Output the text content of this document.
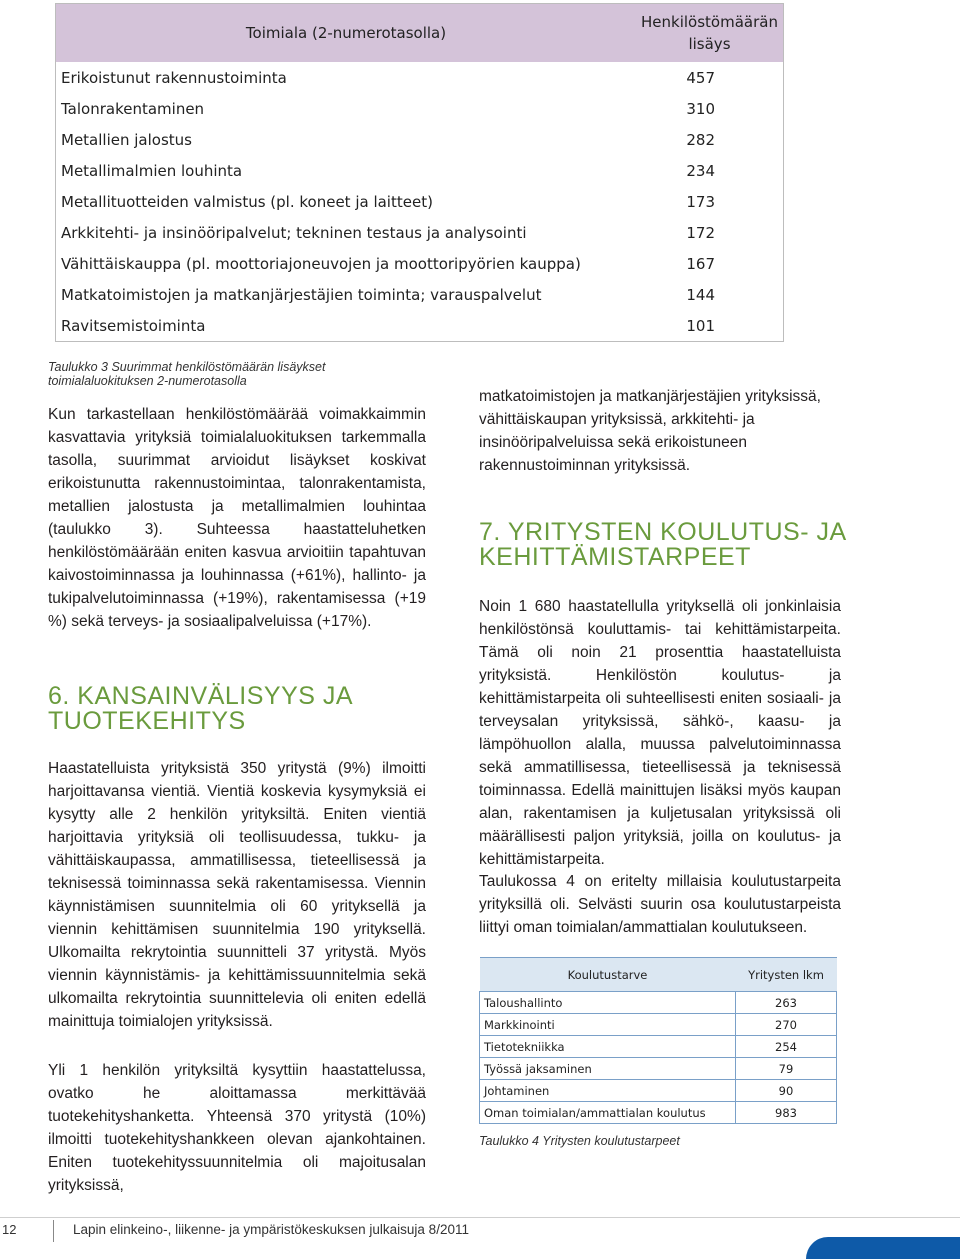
Toimiala (2-numerotasolla)	Henkilöstömäärän lisäys
Erikoistunut rakennustoiminta	457
Talonrakentaminen	310
Metallien jalostus	282
Metallimalmien louhinta	234
Metallituotteiden valmistus (pl. koneet ja laitteet)	173
Arkkitehti- ja insinööripalvelut; tekninen testaus ja analysointi	172
Vähittäiskauppa (pl. moottoriajoneuvojen ja moottoripyörien kauppa)	167
Matkatoimistojen ja matkanjärjestäjien toiminta; varauspalvelut	144
Ravitsemistoiminta	101
Taulukko 3 Suurimmat henkilöstömäärän lisäykset
toimialaluokituksen 2-numerotasolla

Kun tarkastellaan henkilöstömäärää voimakkaimmin kasvattavia yrityksiä toimialaluokituksen tarkemmalla tasolla, suurimmat arvioidut lisäykset koskivat erikoistunutta rakennustoimintaa, talonrakentamista, metallien jalostusta ja metallimalmien louhintaa (taulukko 3). Suhteessa haastatteluhetken henkilöstömäärään eniten kasvua arvioitiin tapahtuvan kaivostoiminnassa ja louhinnassa (+61%), hallinto- ja tukipalvelutoiminnassa (+19%), rakentamisessa (+19 %) sekä terveys- ja sosiaalipalveluissa (+17%).

6. KANSAINVÄLISYYS JA
TUOTEKEHITYS

Haastatelluista yrityksistä 350 yritystä (9%) ilmoitti harjoittavansa vientiä. Vientiä koskevia kysymyksiä ei kysytty alle 2 henkilön yrityksiltä. Eniten vientiä harjoittavia yrityksiä oli teollisuudessa, tukku- ja vähittäiskaupassa, ammatillisessa, tieteellisessä ja teknisessä toiminnassa sekä rakentamisessa. Viennin käynnistämisen suunnitelmia oli 60 yrityksellä ja viennin kehittämisen suunnitelmia 190 yrityksellä. Ulkomailta rekrytointia suunnitteli 37 yritystä. Myös viennin käynnistämis- ja kehittämissuunnitelmia sekä ulkomailta rekrytointia suunnittelevia oli eniten edellä mainittuja toimialojen yrityksissä.

Yli 1 henkilön yrityksiltä kysyttiin haastattelussa, ovatko he aloittamassa merkittävää tuotekehityshanketta. Yhteensä 370 yritystä (10%) ilmoitti tuotekehityshankkeen olevan ajankohtainen. Eniten tuotekehityssuunnitelmia oli majoitusalan yrityksissä,

matkatoimistojen ja matkanjärjestäjien yrityksissä, vähittäiskaupan yrityksissä, arkkitehti- ja insinööripalveluissa sekä erikoistuneen rakennustoiminnan yrityksissä.

7. YRITYSTEN KOULUTUS- JA
KEHITTÄMISTARPEET

Noin 1 680 haastatellulla yrityksellä oli jonkinlaisia henkilöstönsä kouluttamis- tai kehittämistarpeita. Tämä oli noin 21 prosenttia haastatelluista yrityksistä. Henkilöstön koulutus- ja kehittämistarpeita oli suhteellisesti eniten sosiaali- ja terveysalan yrityksissä, sähkö-, kaasu- ja lämpöhuollon alalla, muussa palvelutoiminnassa sekä ammatillisessa, tieteellisessä ja teknisessä toiminnassa. Edellä mainittujen lisäksi myös kaupan alan, rakentamisen ja kuljetusalan yrityksissä oli määrällisesti paljon yrityksiä, joilla on koulutus- ja kehittämistarpeita.

Taulukossa 4 on eritelty millaisia koulutustarpeita yrityksillä oli. Selvästi suurin osa koulutustarpeista liittyi oman toimialan/ammattialan koulutukseen.

Koulutustarve	Yritysten lkm
Taloushallinto	263
Markkinointi	270
Tietotekniikka	254
Työssä jaksaminen	79
Johtaminen	90
Oman toimialan/ammattialan koulutus	983
Taulukko 4 Yritysten koulutustarpeet
12	Lapin elinkeino-, liikenne- ja ympäristökeskuksen julkaisuja 8/2011
